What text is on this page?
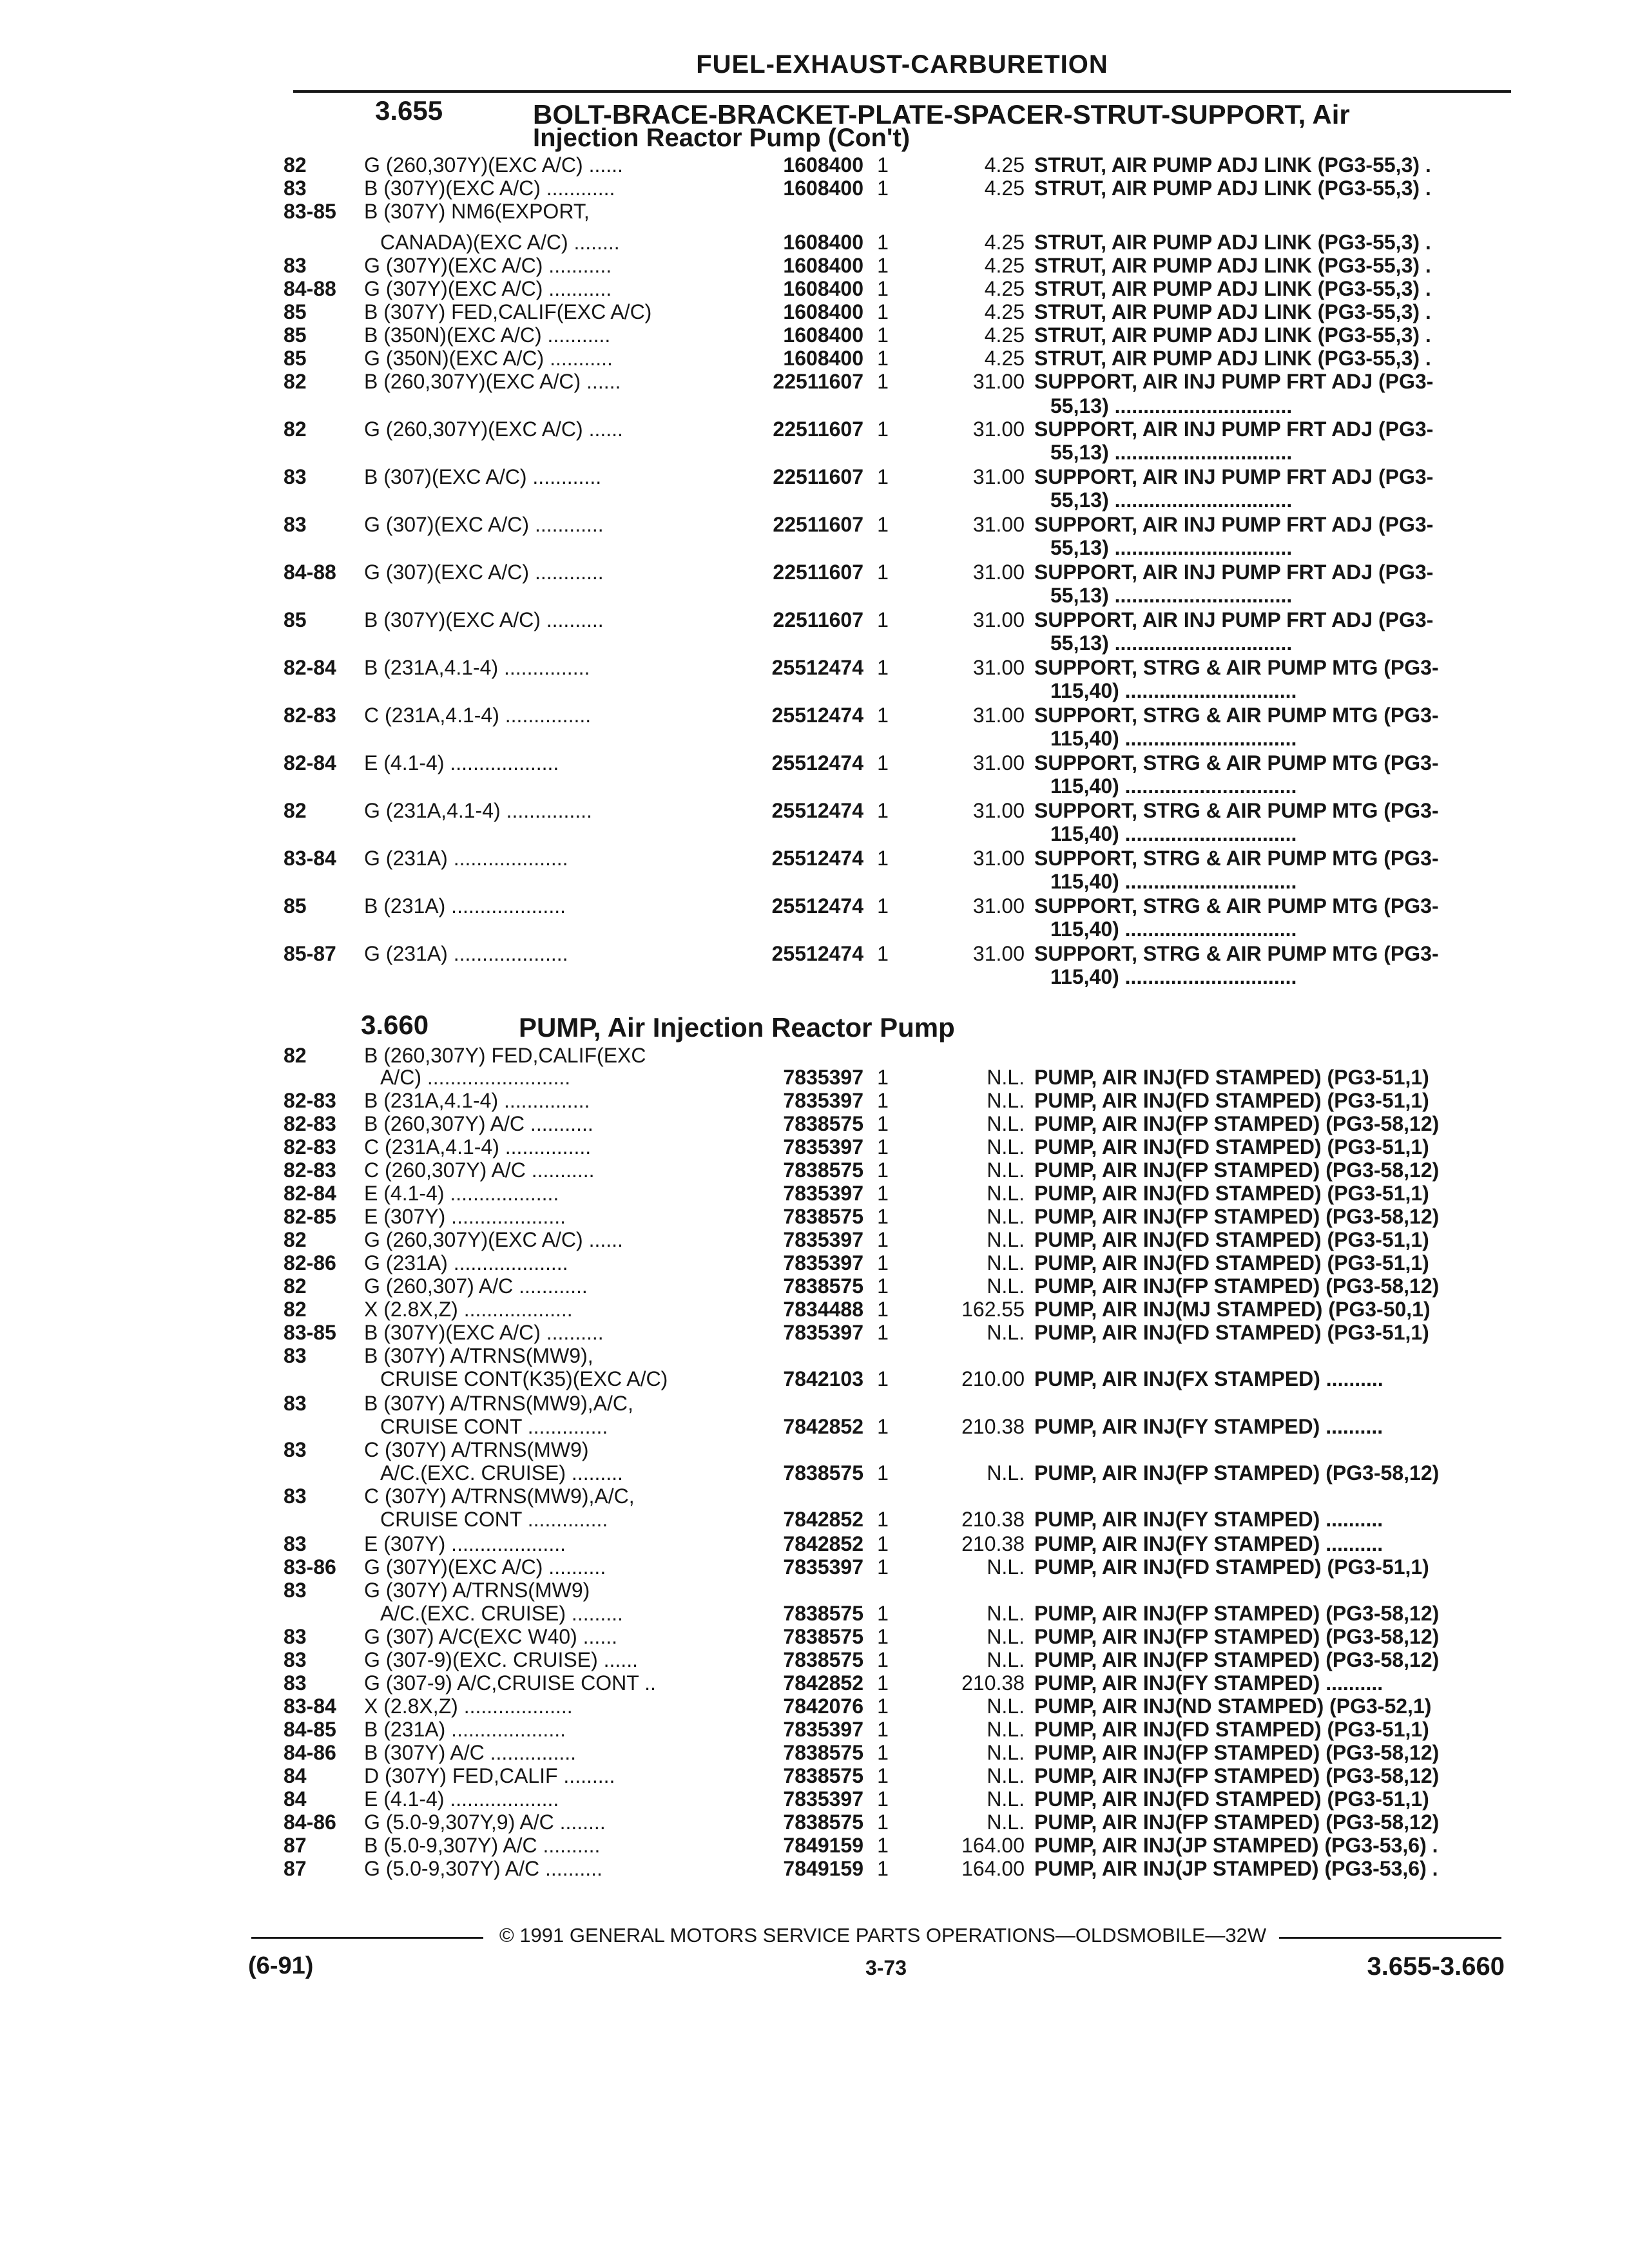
FUEL-EXHAUST-CARBURETION
3.655	BOLT-BRACE-BRACKET-PLATE-SPACER-STRUT-SUPPORT, Air
Injection Reactor Pump (Con't)
82	G (260,307Y)(EXC A/C) ......	1608400 1	4.25 STRUT, AIR PUMP ADJ LINK (PG3-55,3) .
83	B (307Y)(EXC A/C) ............	1608400 1	4.25 STRUT, AIR PUMP ADJ LINK (PG3-55,3) .
83-85	B (307Y) NM6(EXPORT,
CANADA)(EXC A/C) ........	1608400 1	4.25 STRUT, AIR PUMP ADJ LINK (PG3-55,3) .
83	G (307Y)(EXC A/C) ...........	1608400 1	4.25 STRUT, AIR PUMP ADJ LINK (PG3-55,3) .
84-88	G (307Y)(EXC A/C) ...........	1608400 1	4.25 STRUT, AIR PUMP ADJ LINK (PG3-55,3) .
85	B (307Y) FED,CALIF(EXC A/C)	1608400 1	4.25 STRUT, AIR PUMP ADJ LINK (PG3-55,3) .
85	B (350N)(EXC A/C) ...........	1608400 1	4.25 STRUT, AIR PUMP ADJ LINK (PG3-55,3) .
85	G (350N)(EXC A/C) ...........	1608400 1	4.25 STRUT, AIR PUMP ADJ LINK (PG3-55,3) .
82	B (260,307Y)(EXC A/C) ......	22511607 1	31.00 SUPPORT, AIR INJ PUMP FRT ADJ (PG3-
55,13) ...............................
82	G (260,307Y)(EXC A/C) ......	22511607 1	31.00 SUPPORT, AIR INJ PUMP FRT ADJ (PG3-
55,13) ...............................
83	B (307)(EXC A/C) ............	22511607 1	31.00 SUPPORT, AIR INJ PUMP FRT ADJ (PG3-
55,13) ...............................
83	G (307)(EXC A/C) ............	22511607 1	31.00 SUPPORT, AIR INJ PUMP FRT ADJ (PG3-
55,13) ...............................
84-88	G (307)(EXC A/C) ............	22511607 1	31.00 SUPPORT, AIR INJ PUMP FRT ADJ (PG3-
55,13) ...............................
85	B (307Y)(EXC A/C) ..........	22511607 1	31.00 SUPPORT, AIR INJ PUMP FRT ADJ (PG3-
55,13) ...............................
82-84	B (231A,4.1-4) ...............	25512474 1	31.00 SUPPORT, STRG & AIR PUMP MTG (PG3-
115,40) ..............................
82-83	C (231A,4.1-4) ...............	25512474 1	31.00 SUPPORT, STRG & AIR PUMP MTG (PG3-
115,40) ..............................
82-84	E (4.1-4) ...................	25512474 1	31.00 SUPPORT, STRG & AIR PUMP MTG (PG3-
115,40) ..............................
82	G (231A,4.1-4) ...............	25512474 1	31.00 SUPPORT, STRG & AIR PUMP MTG (PG3-
115,40) ..............................
83-84	G (231A) ....................	25512474 1	31.00 SUPPORT, STRG & AIR PUMP MTG (PG3-
115,40) ..............................
85	B (231A) ....................	25512474 1	31.00 SUPPORT, STRG & AIR PUMP MTG (PG3-
115,40) ..............................
85-87	G (231A) ....................	25512474 1	31.00 SUPPORT, STRG & AIR PUMP MTG (PG3-
115,40) ..............................
3.660	PUMP, Air Injection Reactor Pump
82	B (260,307Y) FED,CALIF(EXC
A/C) .........................	7835397 1	N.L. PUMP, AIR INJ(FD STAMPED) (PG3-51,1)
82-83	B (231A,4.1-4) ...............	7835397 1	N.L. PUMP, AIR INJ(FD STAMPED) (PG3-51,1)
82-83	B (260,307Y) A/C ...........	7838575 1	N.L. PUMP, AIR INJ(FP STAMPED) (PG3-58,12)
82-83	C (231A,4.1-4) ...............	7835397 1	N.L. PUMP, AIR INJ(FD STAMPED) (PG3-51,1)
82-83	C (260,307Y) A/C ...........	7838575 1	N.L. PUMP, AIR INJ(FP STAMPED) (PG3-58,12)
82-84	E (4.1-4) ...................	7835397 1	N.L. PUMP, AIR INJ(FD STAMPED) (PG3-51,1)
82-85	E (307Y) ....................	7838575 1	N.L. PUMP, AIR INJ(FP STAMPED) (PG3-58,12)
82	G (260,307Y)(EXC A/C) ......	7835397 1	N.L. PUMP, AIR INJ(FD STAMPED) (PG3-51,1)
82-86	G (231A) ....................	7835397 1	N.L. PUMP, AIR INJ(FD STAMPED) (PG3-51,1)
82	G (260,307) A/C ............	7838575 1	N.L. PUMP, AIR INJ(FP STAMPED) (PG3-58,12)
82	X (2.8X,Z) ...................	7834488 1	162.55 PUMP, AIR INJ(MJ STAMPED) (PG3-50,1)
83-85	B (307Y)(EXC A/C) ..........	7835397 1	N.L. PUMP, AIR INJ(FD STAMPED) (PG3-51,1)
83	B (307Y) A/TRNS(MW9),
CRUISE CONT(K35)(EXC A/C)	7842103 1	210.00 PUMP, AIR INJ(FX STAMPED) ..........
83	B (307Y) A/TRNS(MW9),A/C,
CRUISE CONT ..............	7842852 1	210.38 PUMP, AIR INJ(FY STAMPED) ..........
83	C (307Y) A/TRNS(MW9)
A/C.(EXC. CRUISE) .........	7838575 1	N.L. PUMP, AIR INJ(FP STAMPED) (PG3-58,12)
83	C (307Y) A/TRNS(MW9),A/C,
CRUISE CONT ..............	7842852 1	210.38 PUMP, AIR INJ(FY STAMPED) ..........
83	E (307Y) ....................	7842852 1	210.38 PUMP, AIR INJ(FY STAMPED) ..........
83-86	G (307Y)(EXC A/C) ..........	7835397 1	N.L. PUMP, AIR INJ(FD STAMPED) (PG3-51,1)
83	G (307Y) A/TRNS(MW9)
A/C.(EXC. CRUISE) .........	7838575 1	N.L. PUMP, AIR INJ(FP STAMPED) (PG3-58,12)
83	G (307) A/C(EXC W40) ......	7838575 1	N.L. PUMP, AIR INJ(FP STAMPED) (PG3-58,12)
83	G (307-9)(EXC. CRUISE) ......	7838575 1	N.L. PUMP, AIR INJ(FP STAMPED) (PG3-58,12)
83	G (307-9) A/C,CRUISE CONT ..	7842852 1	210.38 PUMP, AIR INJ(FY STAMPED) ..........
83-84	X (2.8X,Z) ...................	7842076 1	N.L. PUMP, AIR INJ(ND STAMPED) (PG3-52,1)
84-85	B (231A) ....................	7835397 1	N.L. PUMP, AIR INJ(FD STAMPED) (PG3-51,1)
84-86	B (307Y) A/C ...............	7838575 1	N.L. PUMP, AIR INJ(FP STAMPED) (PG3-58,12)
84	D (307Y) FED,CALIF .........	7838575 1	N.L. PUMP, AIR INJ(FP STAMPED) (PG3-58,12)
84	E (4.1-4) ...................	7835397 1	N.L. PUMP, AIR INJ(FD STAMPED) (PG3-51,1)
84-86	G (5.0-9,307Y,9) A/C ........	7838575 1	N.L. PUMP, AIR INJ(FP STAMPED) (PG3-58,12)
87	B (5.0-9,307Y) A/C ..........	7849159 1	164.00 PUMP, AIR INJ(JP STAMPED) (PG3-53,6) .
87	G (5.0-9,307Y) A/C ..........	7849159 1	164.00 PUMP, AIR INJ(JP STAMPED) (PG3-53,6) .
© 1991 GENERAL MOTORS SERVICE PARTS OPERATIONS—OLDSMOBILE—32W
(6-91)	3-73	3.655-3.660
